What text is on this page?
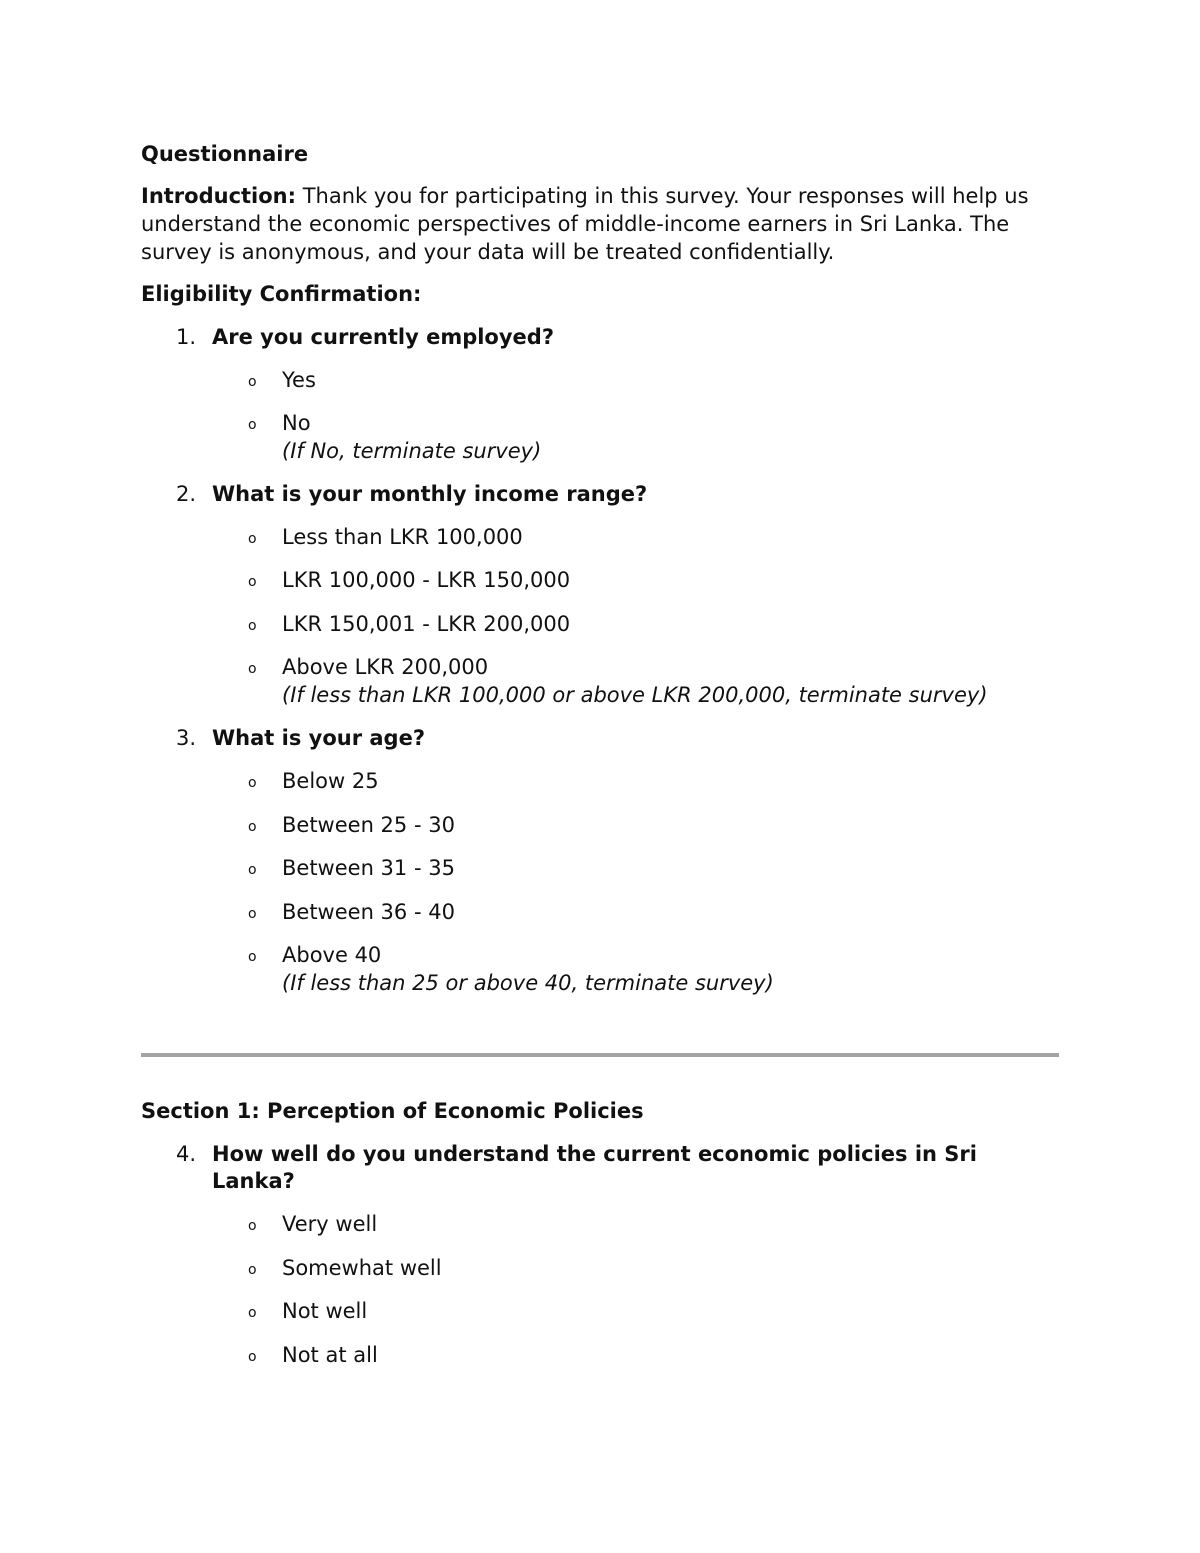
Questionnaire
Introduction: Thank you for participating in this survey. Your responses will help us
understand the economic perspectives of middle-income earners in Sri Lanka. The
survey is anonymous, and your data will be treated confidentially.
Eligibility Confirmation:
1. Are you currently employed?
o Yes
o No
(If No, terminate survey)
2. What is your monthly income range?
o Less than LKR 100,000
o LKR 100,000 - LKR 150,000
o LKR 150,001 - LKR 200,000
o Above LKR 200,000
(If less than LKR 100,000 or above LKR 200,000, terminate survey)
3. What is your age?
o Below 25
o Between 25 - 30
o Between 31 - 35
o Between 36 - 40
o Above 40
(If less than 25 or above 40, terminate survey)
Section 1: Perception of Economic Policies
4. How well do you understand the current economic policies in Sri
Lanka?
o Very well
o Somewhat well
o Not well
o Not at all
